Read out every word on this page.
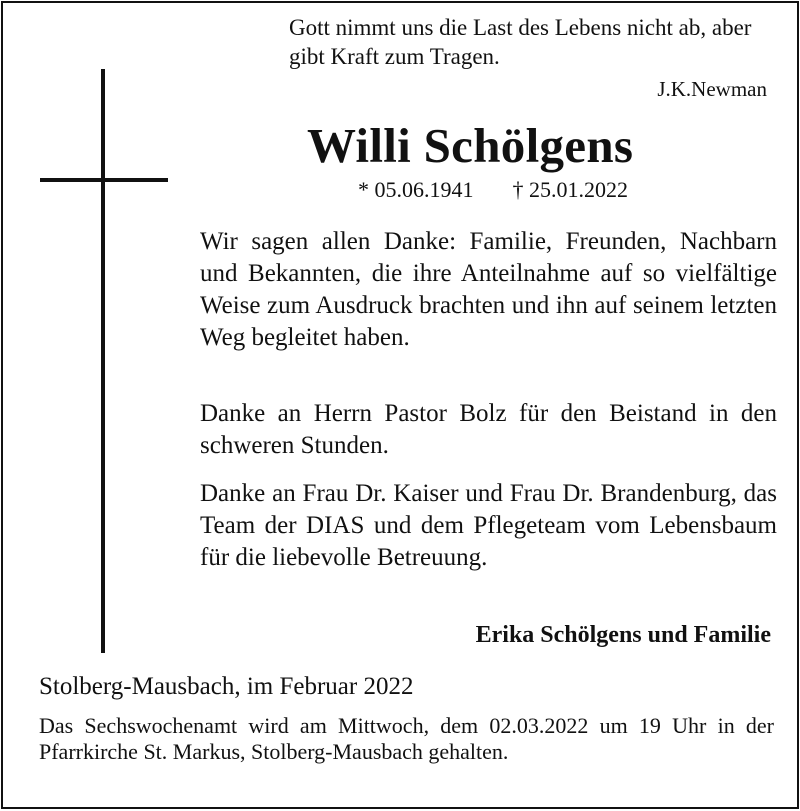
Gott nimmt uns die Last des Lebens nicht ab, aber gibt Kraft zum Tragen.
J.K.Newman
Willi Schölgens
* 05.06.1941 † 25.01.2022
Wir sagen allen Danke: Familie, Freunden, Nachbarn und Bekannten, die ihre Anteilnahme auf so vielfältige Weise zum Ausdruck brachten und ihn auf seinem letzten Weg begleitet haben.
Danke an Herrn Pastor Bolz für den Beistand in den schweren Stunden.
Danke an Frau Dr. Kaiser und Frau Dr. Brandenburg, das Team der DIAS und dem Pflegeteam vom Lebensbaum für die liebevolle Betreuung.
Erika Schölgens und Familie
Stolberg-Mausbach, im Februar 2022
Das Sechswochenamt wird am Mittwoch, dem 02.03.2022 um 19 Uhr in der Pfarrkirche St. Markus, Stolberg-Mausbach gehalten.
